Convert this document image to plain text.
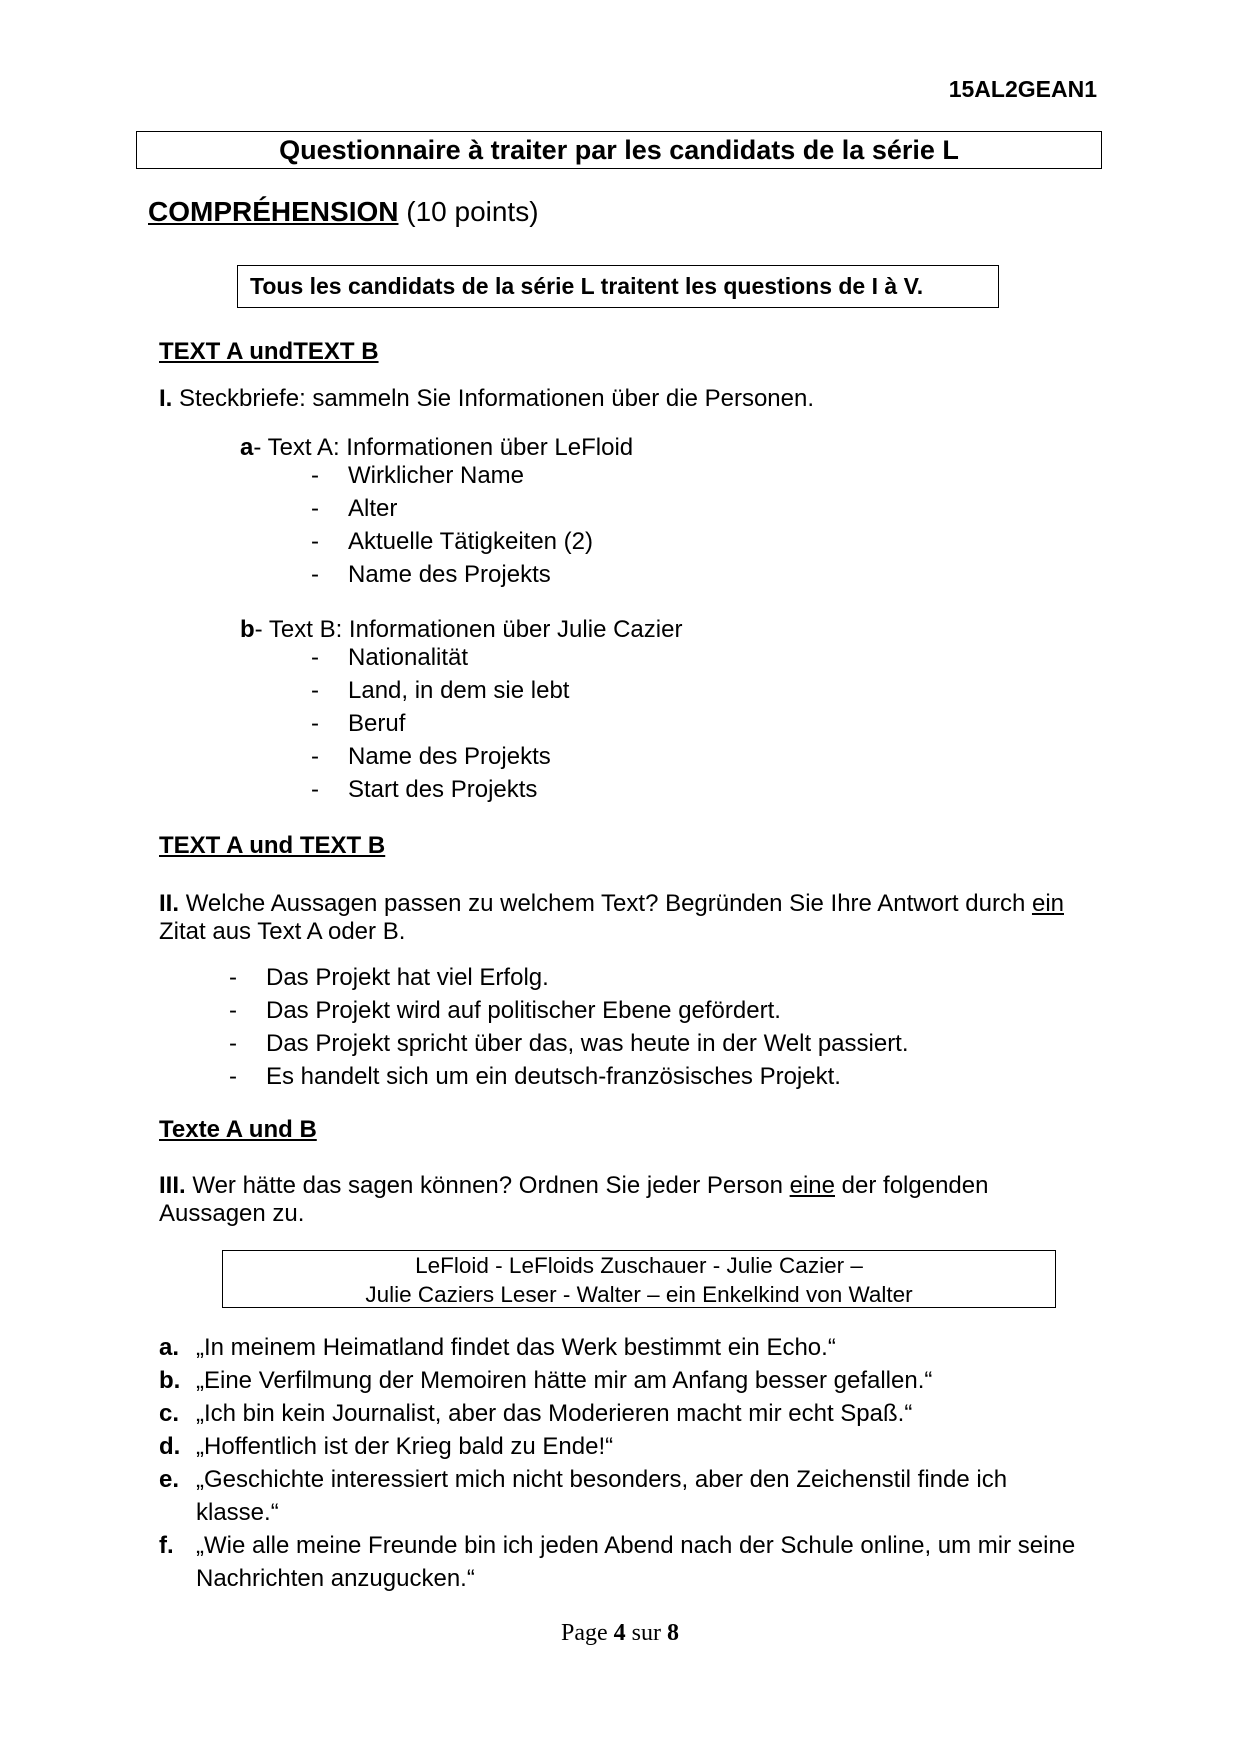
15AL2GEAN1
Questionnaire à traiter par les candidats de la série L
COMPRÉHENSION (10 points)
Tous les candidats de la série L traitent les questions de I à V.
TEXT A undTEXT B
I. Steckbriefe: sammeln Sie Informationen über die Personen.
a- Text A: Informationen über LeFloid
- Wirklicher Name
- Alter
- Aktuelle Tätigkeiten (2)
- Name des Projekts
b- Text B: Informationen über Julie Cazier
- Nationalität
- Land, in dem sie lebt
- Beruf
- Name des Projekts
- Start des Projekts
TEXT A und TEXT B
II. Welche Aussagen passen zu welchem Text? Begründen Sie Ihre Antwort durch ein
Zitat aus Text A oder B.
- Das Projekt hat viel Erfolg.
- Das Projekt wird auf politischer Ebene gefördert.
- Das Projekt spricht über das, was heute in der Welt passiert.
- Es handelt sich um ein deutsch-französisches Projekt.
Texte A und B
III. Wer hätte das sagen können? Ordnen Sie jeder Person eine der folgenden
Aussagen zu.
LeFloid - LeFloids Zuschauer - Julie Cazier –
Julie Caziers Leser - Walter – ein Enkelkind von Walter
a. „In meinem Heimatland findet das Werk bestimmt ein Echo.“
b. „Eine Verfilmung der Memoiren hätte mir am Anfang besser gefallen.“
c. „Ich bin kein Journalist, aber das Moderieren macht mir echt Spaß.“
d. „Hoffentlich ist der Krieg bald zu Ende!“
e. „Geschichte interessiert mich nicht besonders, aber den Zeichenstil finde ich
klasse.“
f. „Wie alle meine Freunde bin ich jeden Abend nach der Schule online, um mir seine
Nachrichten anzugucken.“
Page 4 sur 8
